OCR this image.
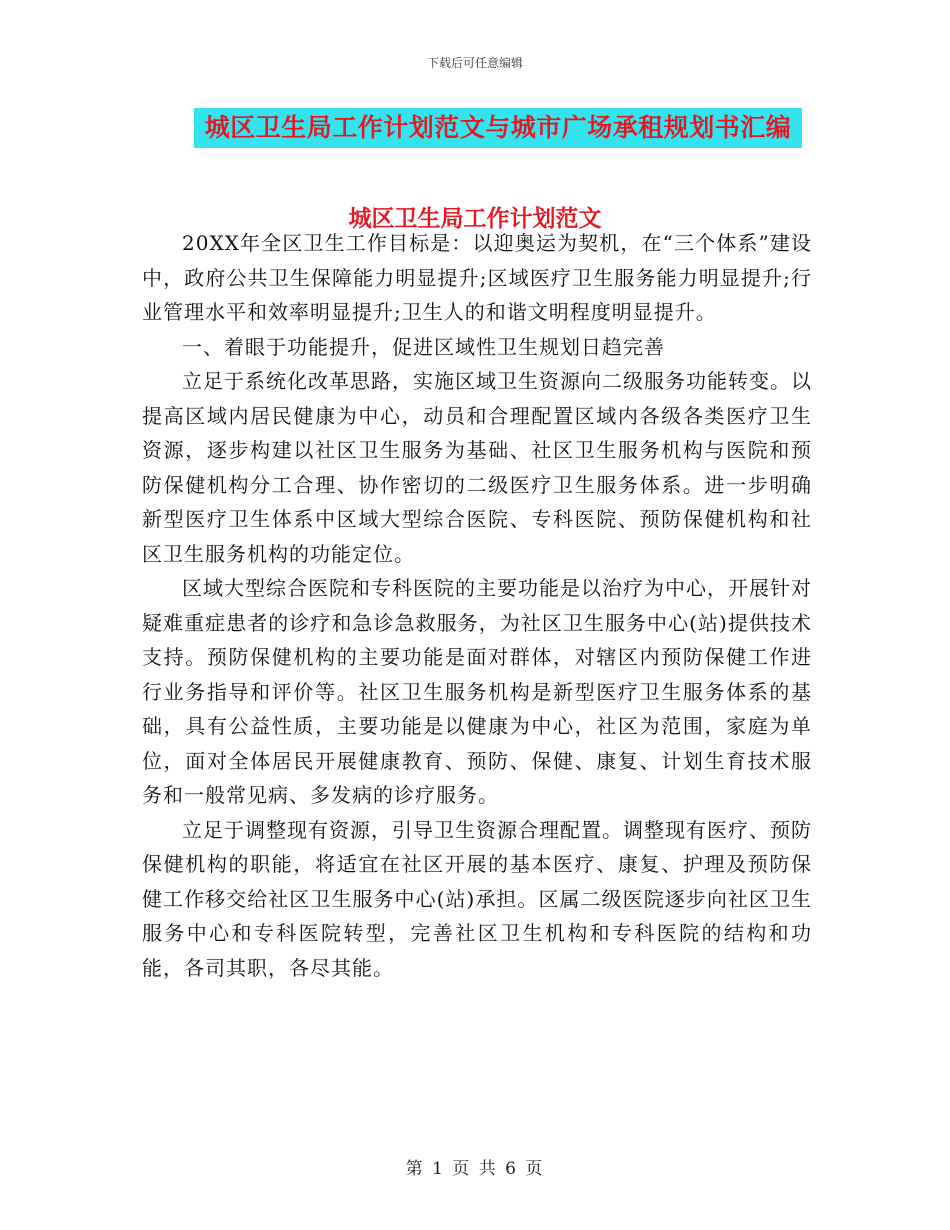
下载后可任意编辑
城区卫生局工作计划范文与城市广场承租规划书汇编
城区卫生局工作计划范文

20XX年全区卫生工作目标是：以迎奥运为契机，在“三个体系”建设中，政府公共卫生保障能力明显提升;区域医疗卫生服务能力明显提升;行业管理水平和效率明显提升;卫生人的和谐文明程度明显提升。

一、着眼于功能提升，促进区域性卫生规划日趋完善

立足于系统化改革思路，实施区域卫生资源向二级服务功能转变。以提高区域内居民健康为中心，动员和合理配置区域内各级各类医疗卫生资源，逐步构建以社区卫生服务为基础、社区卫生服务机构与医院和预防保健机构分工合理、协作密切的二级医疗卫生服务体系。进一步明确新型医疗卫生体系中区域大型综合医院、专科医院、预防保健机构和社区卫生服务机构的功能定位。

区域大型综合医院和专科医院的主要功能是以治疗为中心，开展针对疑难重症患者的诊疗和急诊急救服务，为社区卫生服务中心(站)提供技术支持。预防保健机构的主要功能是面对群体，对辖区内预防保健工作进行业务指导和评价等。社区卫生服务机构是新型医疗卫生服务体系的基础，具有公益性质，主要功能是以健康为中心，社区为范围，家庭为单位，面对全体居民开展健康教育、预防、保健、康复、计划生育技术服务和一般常见病、多发病的诊疗服务。

立足于调整现有资源，引导卫生资源合理配置。调整现有医疗、预防保健机构的职能，将适宜在社区开展的基本医疗、康复、护理及预防保健工作移交给社区卫生服务中心(站)承担。区属二级医院逐步向社区卫生服务中心和专科医院转型，完善社区卫生机构和专科医院的结构和功能，各司其职，各尽其能。

第 1 页 共 6 页
